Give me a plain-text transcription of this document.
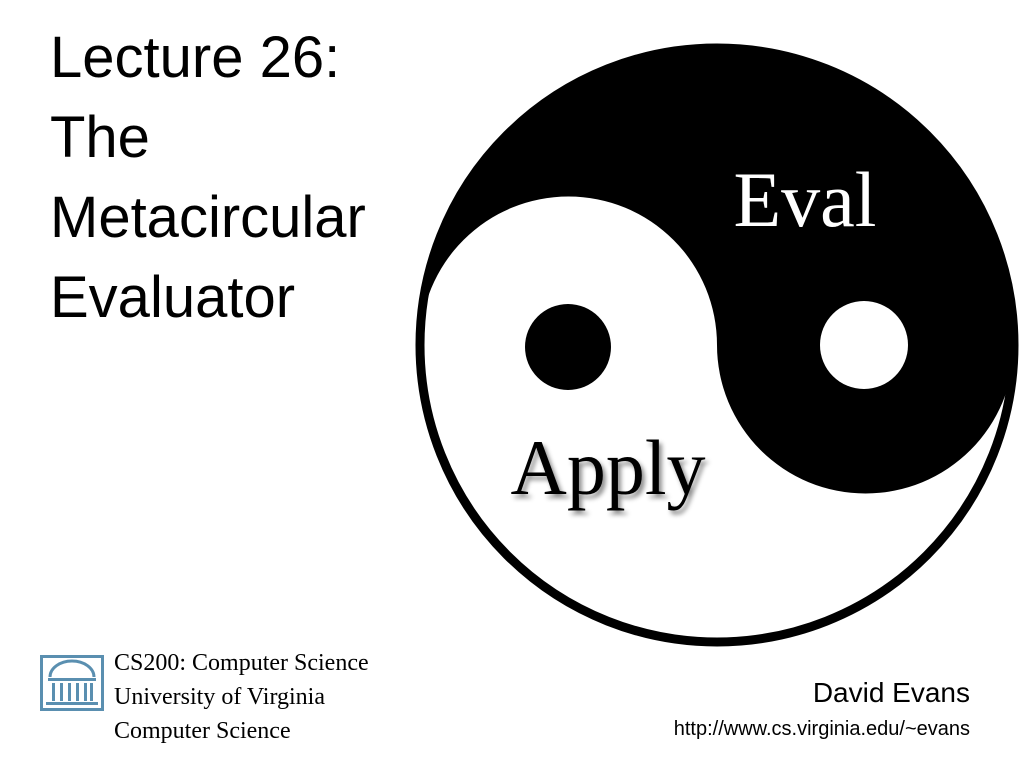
Lecture 26:
The
Metacircular
Evaluator
Eval
Apply
CS200: Computer Science
University of Virginia
Computer Science
David Evans
http://www.cs.virginia.edu/~evans
